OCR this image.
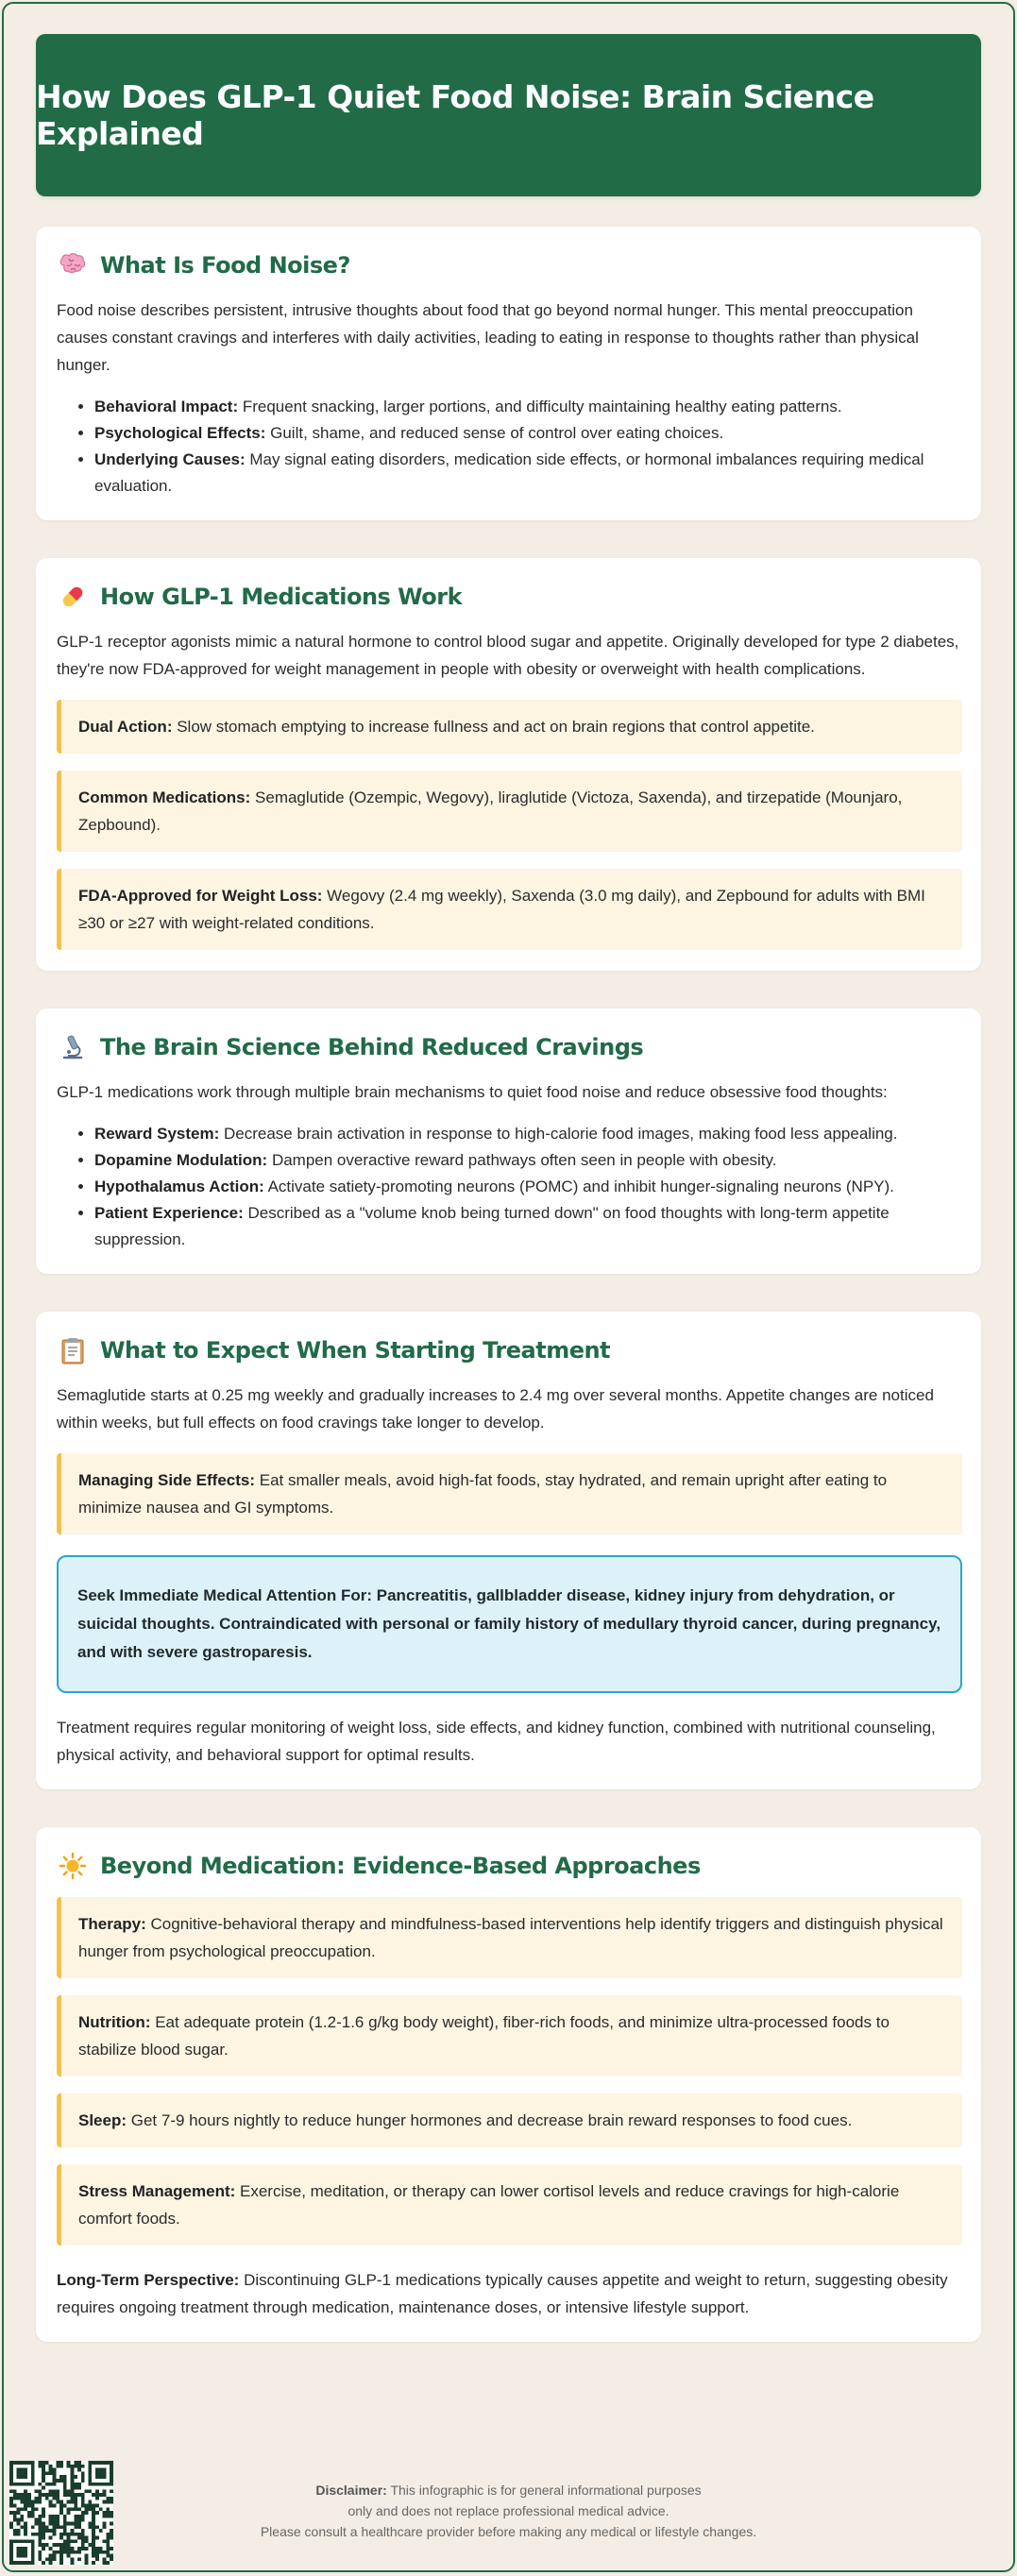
How Does GLP-1 Quiet Food Noise: Brain Science Explained
What Is Food Noise?

Food noise describes persistent, intrusive thoughts about food that go beyond normal hunger. This mental preoccupation causes constant cravings and interferes with daily activities, leading to eating in response to thoughts rather than physical hunger.

• Behavioral Impact: Frequent snacking, larger portions, and difficulty maintaining healthy eating patterns.
• Psychological Effects: Guilt, shame, and reduced sense of control over eating choices.
• Underlying Causes: May signal eating disorders, medication side effects, or hormonal imbalances requiring medical evaluation.
How GLP-1 Medications Work

GLP-1 receptor agonists mimic a natural hormone to control blood sugar and appetite. Originally developed for type 2 diabetes, they're now FDA-approved for weight management in people with obesity or overweight with health complications.

Dual Action: Slow stomach emptying to increase fullness and act on brain regions that control appetite.
Common Medications: Semaglutide (Ozempic, Wegovy), liraglutide (Victoza, Saxenda), and tirzepatide (Mounjaro, Zepbound).
FDA-Approved for Weight Loss: Wegovy (2.4 mg weekly), Saxenda (3.0 mg daily), and Zepbound for adults with BMI ≥30 or ≥27 with weight-related conditions.
The Brain Science Behind Reduced Cravings

GLP-1 medications work through multiple brain mechanisms to quiet food noise and reduce obsessive food thoughts:

• Reward System: Decrease brain activation in response to high-calorie food images, making food less appealing.
• Dopamine Modulation: Dampen overactive reward pathways often seen in people with obesity.
• Hypothalamus Action: Activate satiety-promoting neurons (POMC) and inhibit hunger-signaling neurons (NPY).
• Patient Experience: Described as a "volume knob being turned down" on food thoughts with long-term appetite suppression.
What to Expect When Starting Treatment

Semaglutide starts at 0.25 mg weekly and gradually increases to 2.4 mg over several months. Appetite changes are noticed within weeks, but full effects on food cravings take longer to develop.

Managing Side Effects: Eat smaller meals, avoid high-fat foods, stay hydrated, and remain upright after eating to minimize nausea and GI symptoms.
Seek Immediate Medical Attention For: Pancreatitis, gallbladder disease, kidney injury from dehydration, or suicidal thoughts. Contraindicated with personal or family history of medullary thyroid cancer, during pregnancy, and with severe gastroparesis.

Treatment requires regular monitoring of weight loss, side effects, and kidney function, combined with nutritional counseling, physical activity, and behavioral support for optimal results.

Beyond Medication: Evidence-Based Approaches
Therapy: Cognitive-behavioral therapy and mindfulness-based interventions help identify triggers and distinguish physical hunger from psychological preoccupation.
Nutrition: Eat adequate protein (1.2-1.6 g/kg body weight), fiber-rich foods, and minimize ultra-processed foods to stabilize blood sugar.
Sleep: Get 7-9 hours nightly to reduce hunger hormones and decrease brain reward responses to food cues.
Stress Management: Exercise, meditation, or therapy can lower cortisol levels and reduce cravings for high-calorie comfort foods.

Long-Term Perspective: Discontinuing GLP-1 medications typically causes appetite and weight to return, suggesting obesity requires ongoing treatment through medication, maintenance doses, or intensive lifestyle support.

Disclaimer: This infographic is for general informational purposes
only and does not replace professional medical advice.
Please consult a healthcare provider before making any medical or lifestyle changes.
